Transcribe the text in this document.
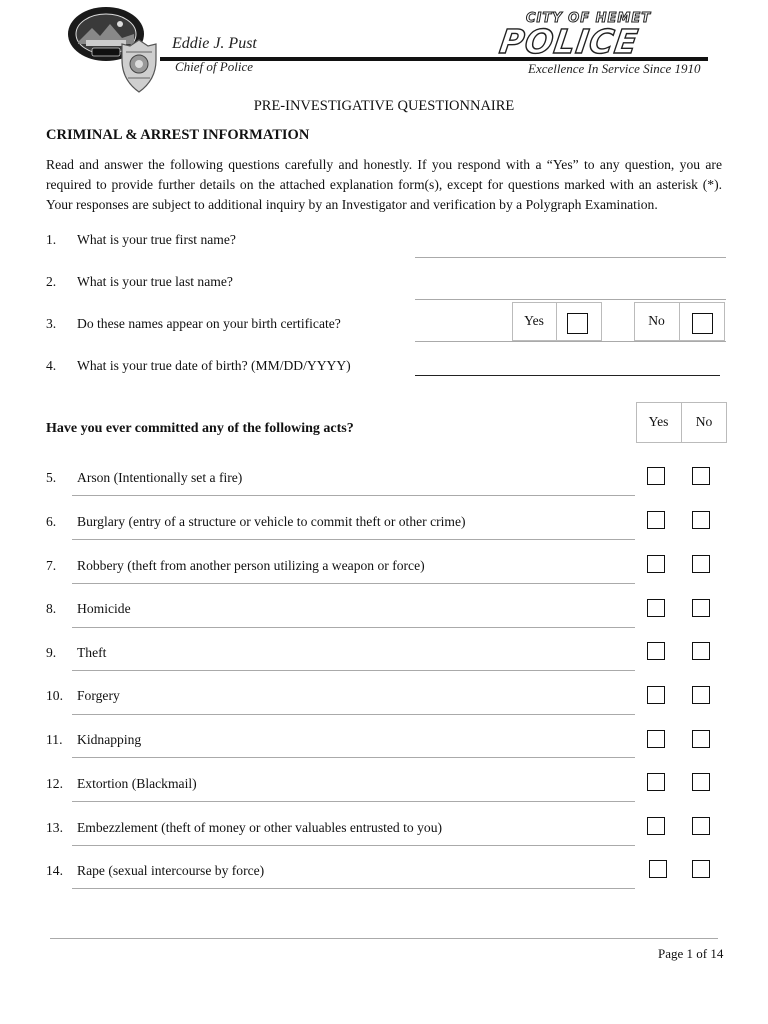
Eddie J. Pust
Chief of Police
CITY OF HEMET
POLICE
Excellence In Service Since 1910
PRE-INVESTIGATIVE QUESTIONNAIRE
CRIMINAL & ARREST INFORMATION
Read and answer the following questions carefully and honestly. If you respond with a “Yes” to any question, you are required to provide further details on the attached explanation form(s), except for questions marked with an asterisk (*). Your responses are subject to additional inquiry by an Investigator and verification by a Polygraph Examination.
1. What is your true first name?
2. What is your true last name?
3. Do these names appear on your birth certificate?	Yes	No
4. What is your true date of birth? (MM/DD/YYYY)
Have you ever committed any of the following acts?	Yes	No
5. Arson (Intentionally set a fire)
6. Burglary (entry of a structure or vehicle to commit theft or other crime)
7. Robbery (theft from another person utilizing a weapon or force)
8. Homicide
9. Theft
10. Forgery
11. Kidnapping
12. Extortion (Blackmail)
13. Embezzlement (theft of money or other valuables entrusted to you)
14. Rape (sexual intercourse by force)
Page 1 of 14
